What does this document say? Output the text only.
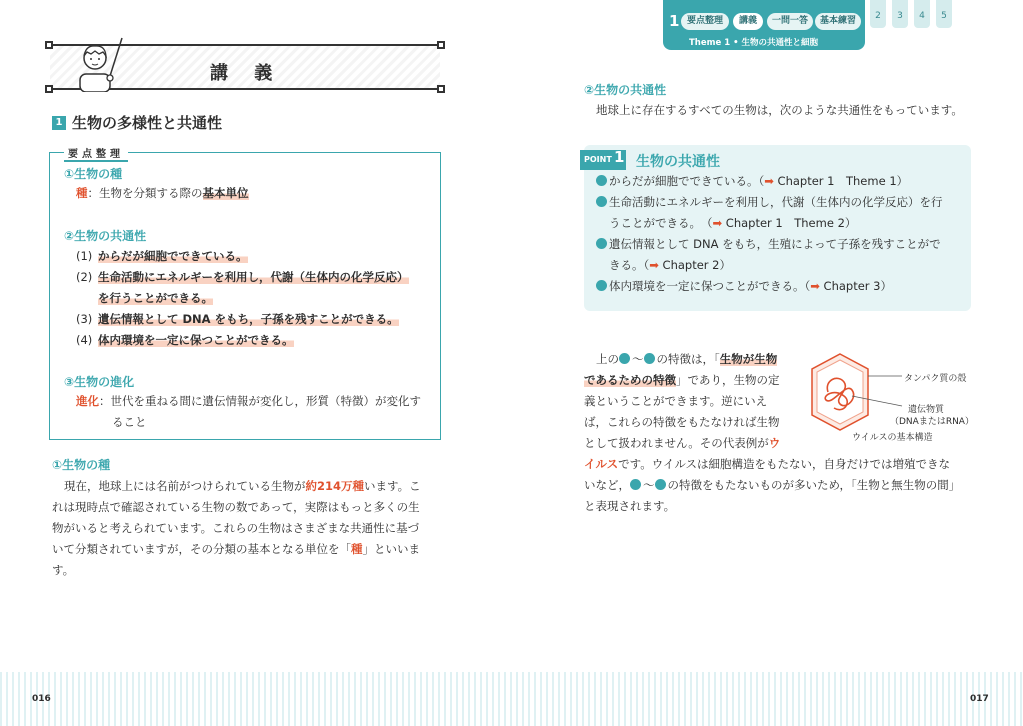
講 義
1 生物の多様性と共通性
要点整理
①生物の種
種：生物を分類する際の基本単位
②生物の共通性
(1) からだが細胞でできている。
(2) 生命活動にエネルギーを利用し，代謝（生体内の化学反応）
を行うことができる。
(3) 遺伝情報として DNA をもち，子孫を残すことができる。
(4) 体内環境を一定に保つことができる。
③生物の進化
進化：世代を重ねる間に遺伝情報が変化し，形質（特徴）が変化す
ること
①生物の種
現在，地球上には名前がつけられている生物が約214万種います。こ
れは現時点で確認されている生物の数であって，実際はもっと多くの生
物がいると考えられています。これらの生物はさまざまな共通性に基づ
いて分類されていますが，その分類の基本となる単位を「種」といいま
す。
016
1 要点整理	講義	一問一答	基本練習
Theme 1 • 生物の共通性と細胞
2	3	4	5
②生物の共通性
地球上に存在するすべての生物は，次のような共通性をもっています。
POINT 1 生物の共通性
からだが細胞でできている。（➡ Chapter 1　Theme 1）
生命活動にエネルギーを利用し，代謝（生体内の化学反応）を行
うことができる。　（➡ Chapter 1　Theme 2）
遺伝情報として DNA をもち，生殖によって子孫を残すことがで
きる。（➡ Chapter 2）
体内環境を一定に保つことができる。（➡ Chapter 3）
上の 〜 の特徴は，「生物が生物
であるための特徴」であり，生物の定
義ということができます。逆にいえ
ば，これらの特徴をもたなければ生物
として扱われません。その代表例がウ
イルスです。ウイルスは細胞構造をもたない，自身だけでは増殖できな
いなど， 〜 の特徴をもたないものが多いため，「生物と無生物の間」
と表現されます。
タンパク質の殻
遺伝物質
（DNAまたはRNA）
ウイルスの基本構造
017
